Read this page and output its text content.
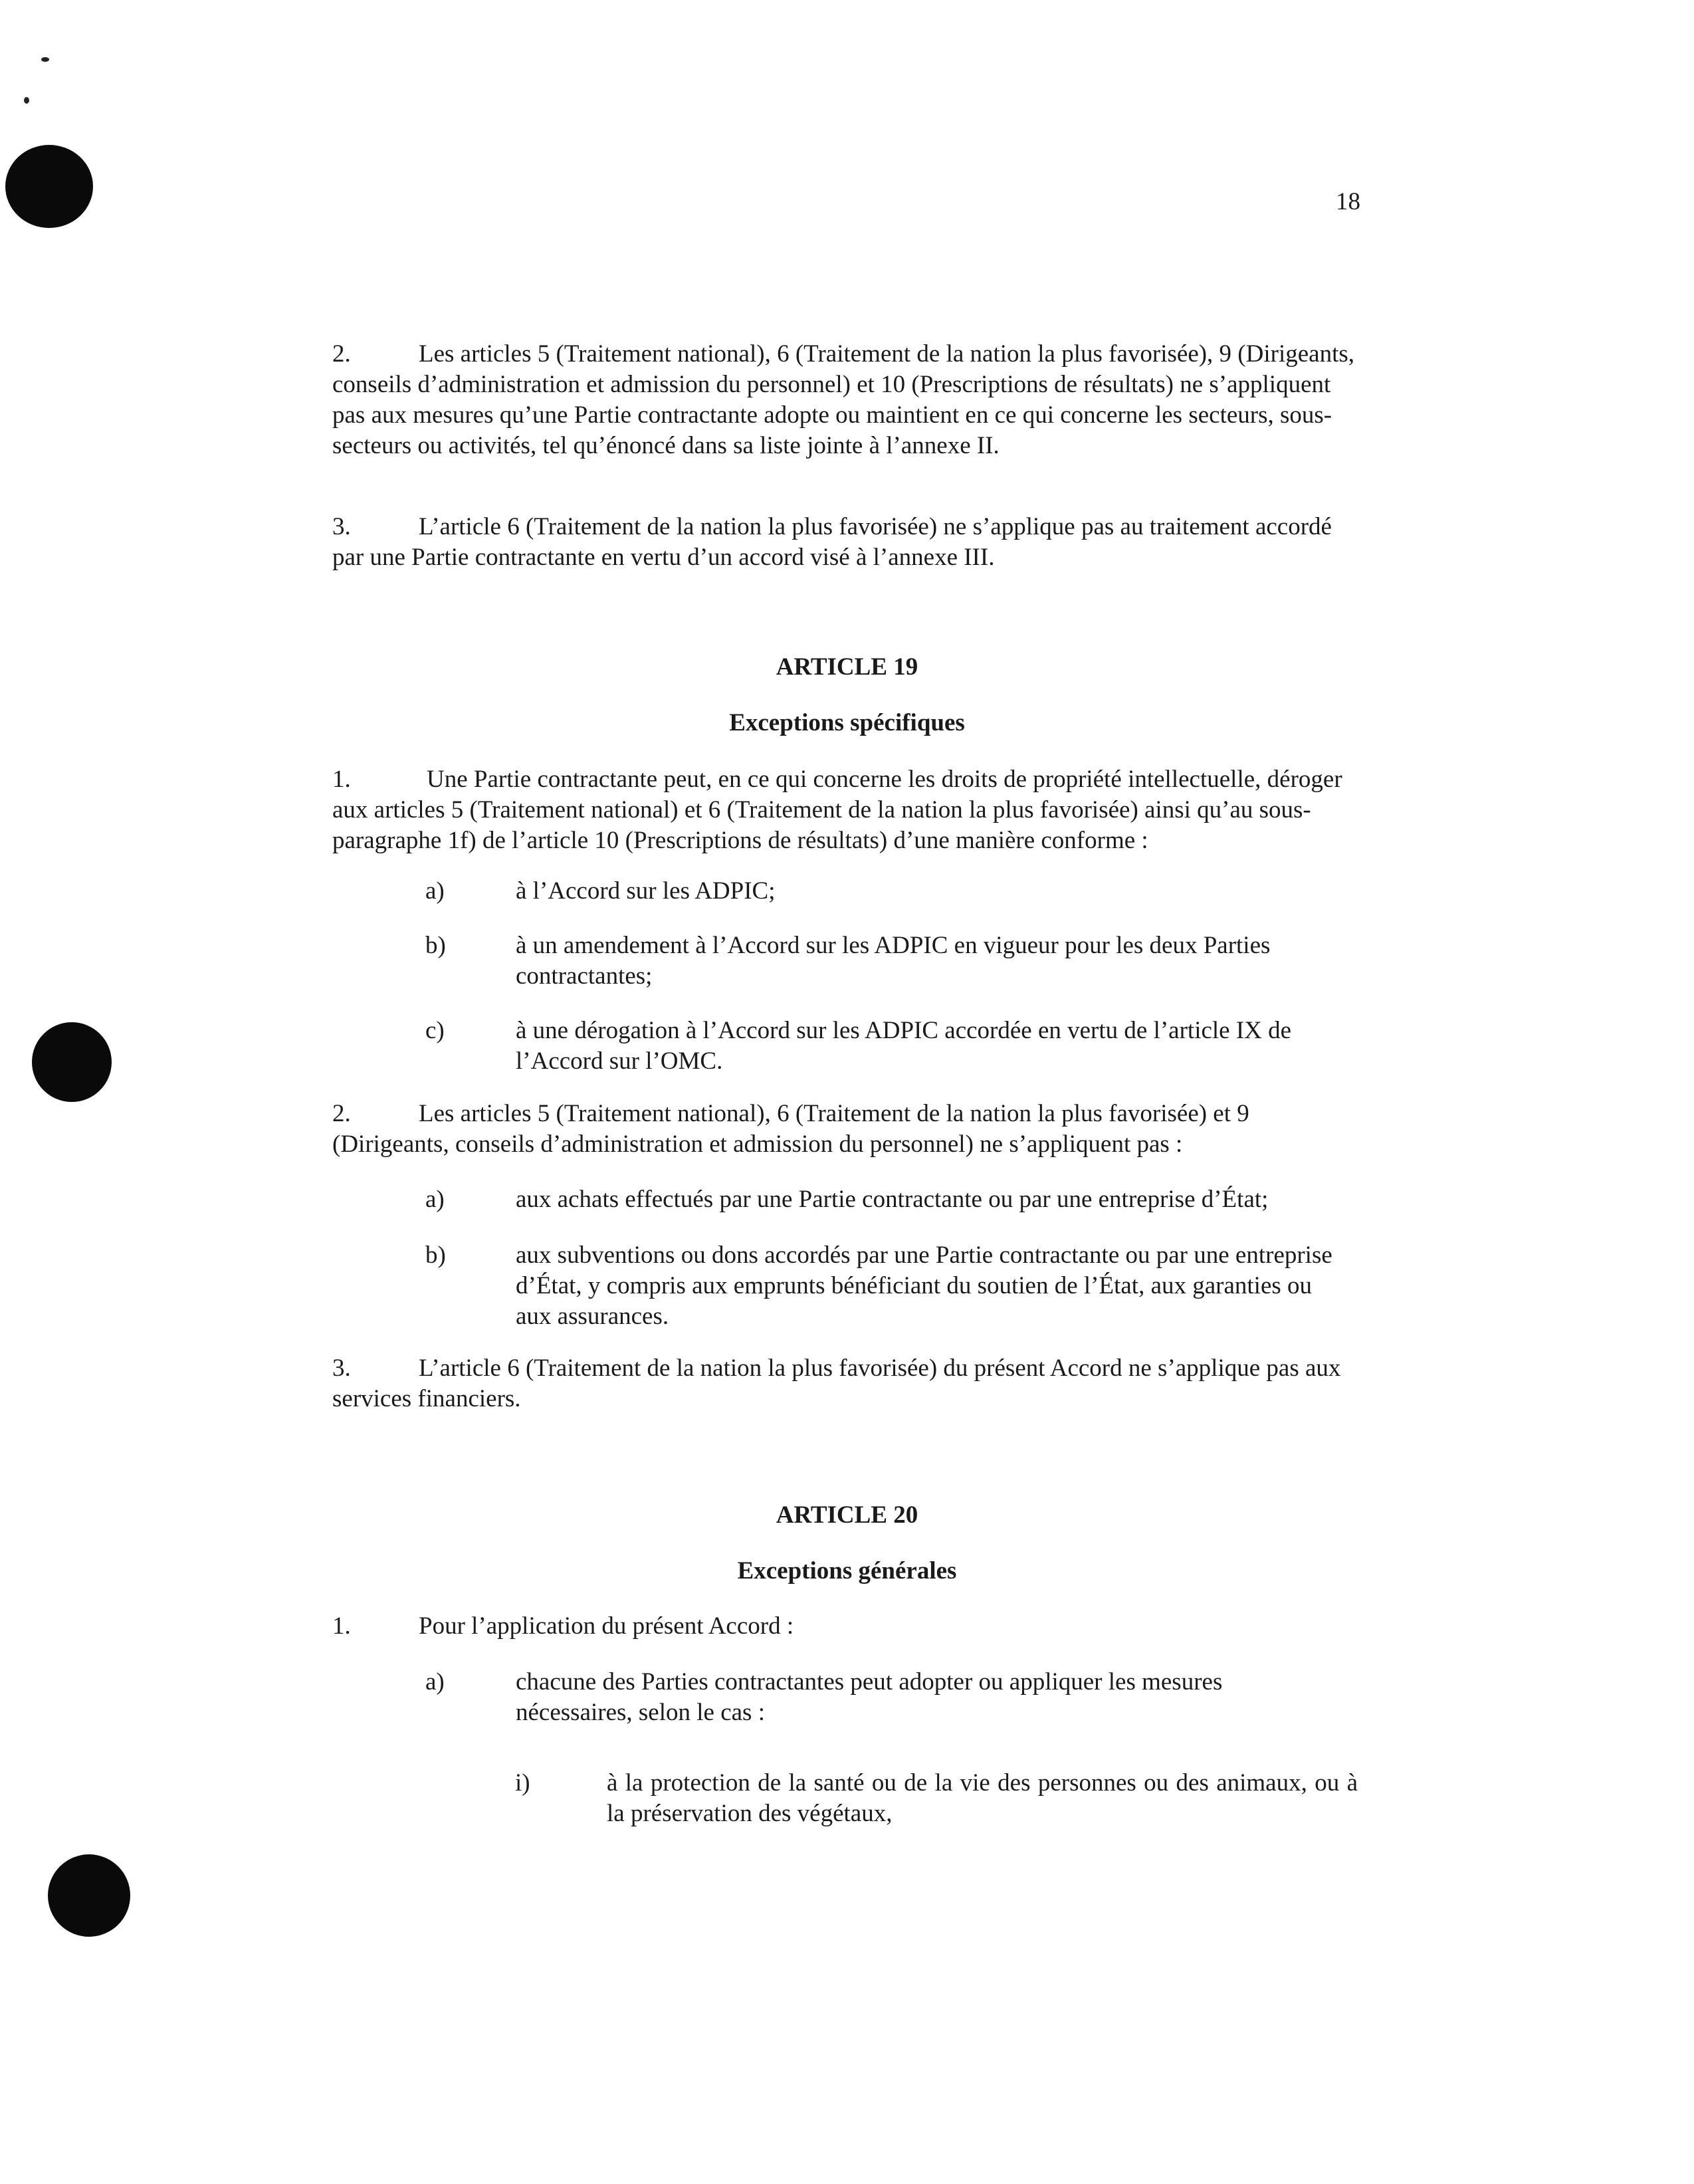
18

2.	Les articles 5 (Traitement national), 6 (Traitement de la nation la plus favorisée), 9 (Dirigeants, conseils d’administration et admission du personnel) et 10 (Prescriptions de résultats) ne s’appliquent pas aux mesures qu’une Partie contractante adopte ou maintient en ce qui concerne les secteurs, sous-secteurs ou activités, tel qu’énoncé dans sa liste jointe à l’annexe II.

3.	L’article 6 (Traitement de la nation la plus favorisée) ne s’applique pas au traitement accordé par une Partie contractante en vertu d’un accord visé à l’annexe III.

ARTICLE 19
Exceptions spécifiques

1.	Une Partie contractante peut, en ce qui concerne les droits de propriété intellectuelle, déroger aux articles 5 (Traitement national) et 6 (Traitement de la nation la plus favorisée) ainsi qu’au sous-paragraphe 1f) de l’article 10 (Prescriptions de résultats) d’une manière conforme :

a)	à l’Accord sur les ADPIC;
b)	à un amendement à l’Accord sur les ADPIC en vigueur pour les deux Parties contractantes;
c)	à une dérogation à l’Accord sur les ADPIC accordée en vertu de l’article IX de l’Accord sur l’OMC.

2.	Les articles 5 (Traitement national), 6 (Traitement de la nation la plus favorisée) et 9 (Dirigeants, conseils d’administration et admission du personnel) ne s’appliquent pas :

a)	aux achats effectués par une Partie contractante ou par une entreprise d’État;
b)	aux subventions ou dons accordés par une Partie contractante ou par une entreprise d’État, y compris aux emprunts bénéficiant du soutien de l’État, aux garanties ou aux assurances.

3.	L’article 6 (Traitement de la nation la plus favorisée) du présent Accord ne s’applique pas aux services financiers.

ARTICLE 20
Exceptions générales

1.	Pour l’application du présent Accord :

a)	chacune des Parties contractantes peut adopter ou appliquer les mesures nécessaires, selon le cas :
i)	à la protection de la santé ou de la vie des personnes ou des animaux, ou à la préservation des végétaux,
